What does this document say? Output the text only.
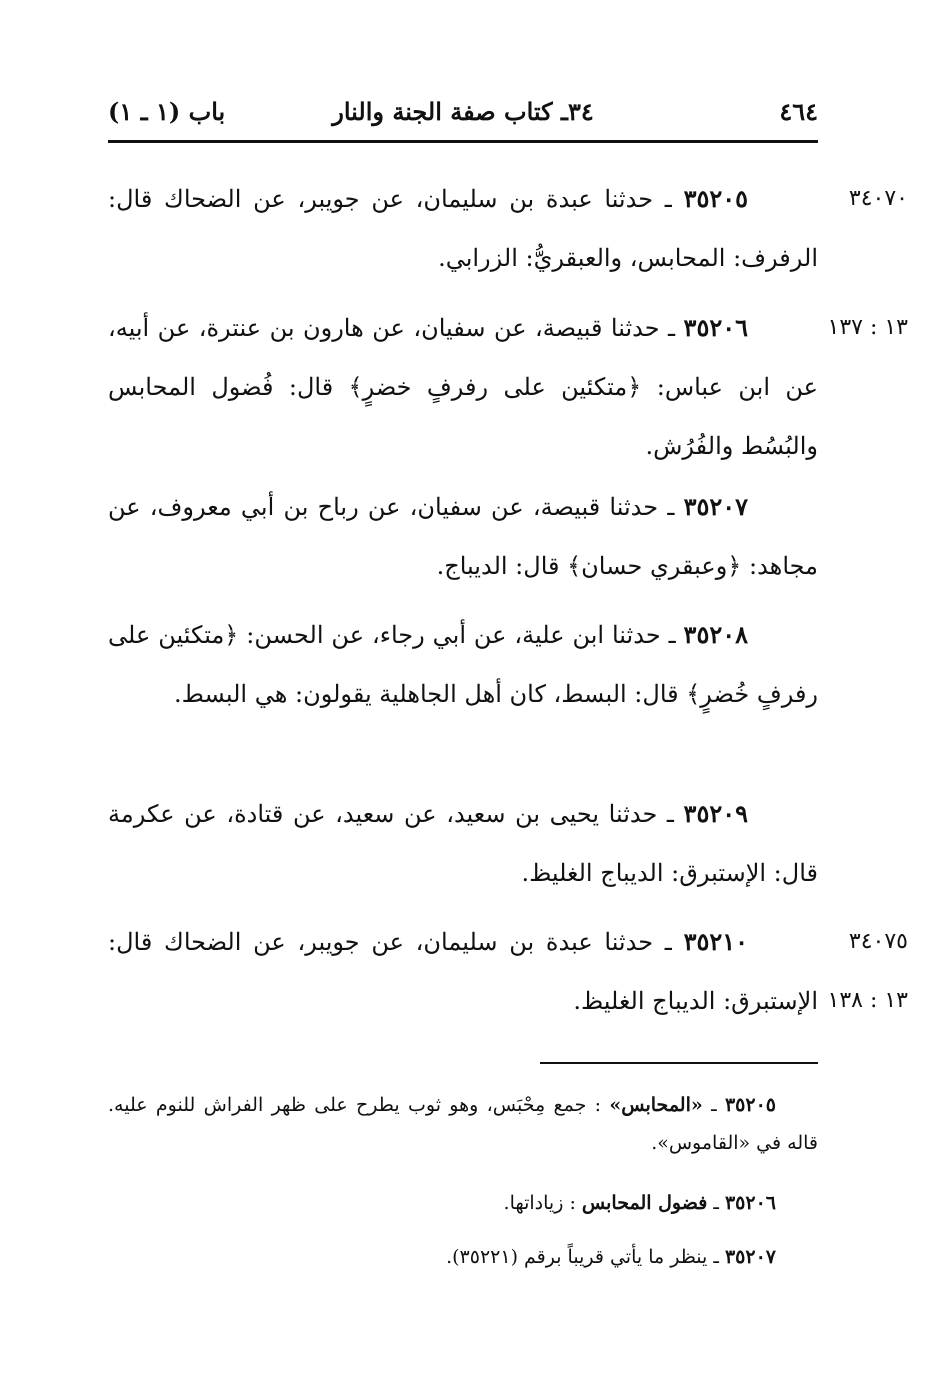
٤٦٤
٣٤ـ كتاب صفة الجنة والنار
باب (١ ـ ١)
٣٤٠٧٠
١٣ : ١٣٧
٣٤٠٧٥
١٣ : ١٣٨

٣٥٢٠٥ ـ حدثنا عبدة بن سليمان، عن جويبر، عن الضحاك قال: الرفرف: المحابس، والعبقريُّ: الزرابي.

٣٥٢٠٦ ـ حدثنا قبيصة، عن سفيان، عن هارون بن عنترة، عن أبيه، عن ابن عباس: ﴿متكئين على رفرفٍ خضرٍ﴾ قال: فُضول المحابس والبُسُط والفُرُش.

٣٥٢٠٧ ـ حدثنا قبيصة، عن سفيان، عن رباح بن أبي معروف، عن مجاهد: ﴿وعبقري حسان﴾ قال: الديباج.

٣٥٢٠٨ ـ حدثنا ابن علية، عن أبي رجاء، عن الحسن: ﴿متكئين على رفرفٍ خُضرٍ﴾ قال: البسط، كان أهل الجاهلية يقولون: هي البسط.

٣٥٢٠٩ ـ حدثنا يحيى بن سعيد، عن سعيد، عن قتادة، عن عكرمة قال: الإستبرق: الديباج الغليظ.

٣٥٢١٠ ـ حدثنا عبدة بن سليمان، عن جويبر، عن الضحاك قال: الإستبرق: الديباج الغليظ.

٣٥٢٠٥ ـ «المحابس» : جمع مِحْبَس، وهو ثوب يطرح على ظهر الفراش للنوم عليه. قاله في «القاموس».

٣٥٢٠٦ ـ فضول المحابس : زياداتها.

٣٥٢٠٧ ـ ينظر ما يأتي قريباً برقم (٣٥٢٢١).
